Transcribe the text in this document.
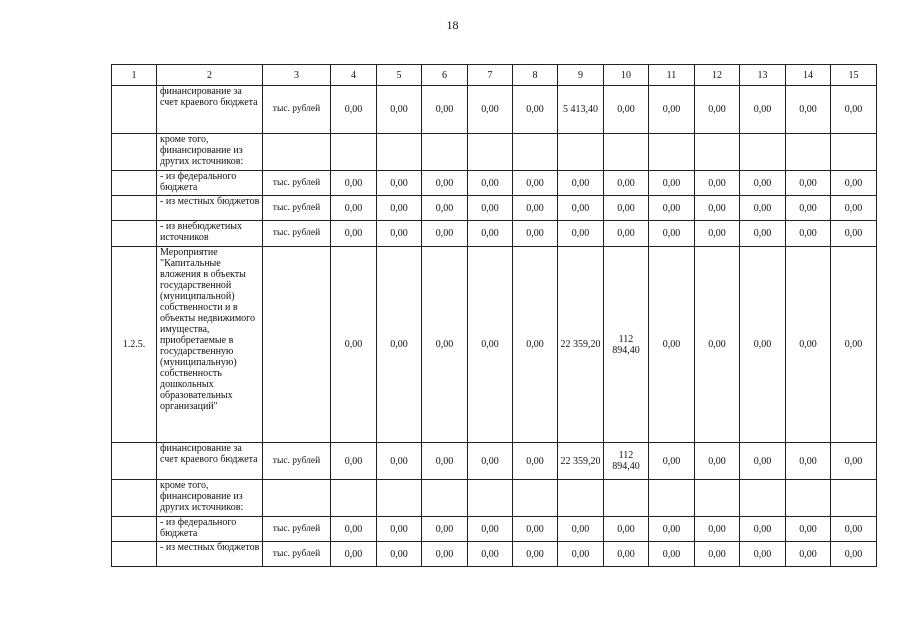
18
1	2	3	4	5	6	7	8	9	10	11	12	13	14	15
	финансирование за счет краевого бюджета	тыс. рублей	0,00	0,00	0,00	0,00	0,00	5 413,40	0,00	0,00	0,00	0,00	0,00	0,00
	кроме того, финансирование из других источников:													
	- из федерального бюджета	тыс. рублей	0,00	0,00	0,00	0,00	0,00	0,00	0,00	0,00	0,00	0,00	0,00	0,00
	- из местных бюджетов	тыс. рублей	0,00	0,00	0,00	0,00	0,00	0,00	0,00	0,00	0,00	0,00	0,00	0,00
	- из внебюджетных источников	тыс. рублей	0,00	0,00	0,00	0,00	0,00	0,00	0,00	0,00	0,00	0,00	0,00	0,00
1.2.5.	Мероприятие "Капитальные вложения в объекты государственной (муниципальной) собственности и в объекты недвижимого имущества, приобретаемые в государственную (муниципальную) собственность дошкольных образовательных организаций"		0,00	0,00	0,00	0,00	0,00	22 359,20	112 894,40	0,00	0,00	0,00	0,00	0,00
	финансирование за счет краевого бюджета	тыс. рублей	0,00	0,00	0,00	0,00	0,00	22 359,20	112 894,40	0,00	0,00	0,00	0,00	0,00
	кроме того, финансирование из других источников:													
	- из федерального бюджета	тыс. рублей	0,00	0,00	0,00	0,00	0,00	0,00	0,00	0,00	0,00	0,00	0,00	0,00
	- из местных бюджетов	тыс. рублей	0,00	0,00	0,00	0,00	0,00	0,00	0,00	0,00	0,00	0,00	0,00	0,00
